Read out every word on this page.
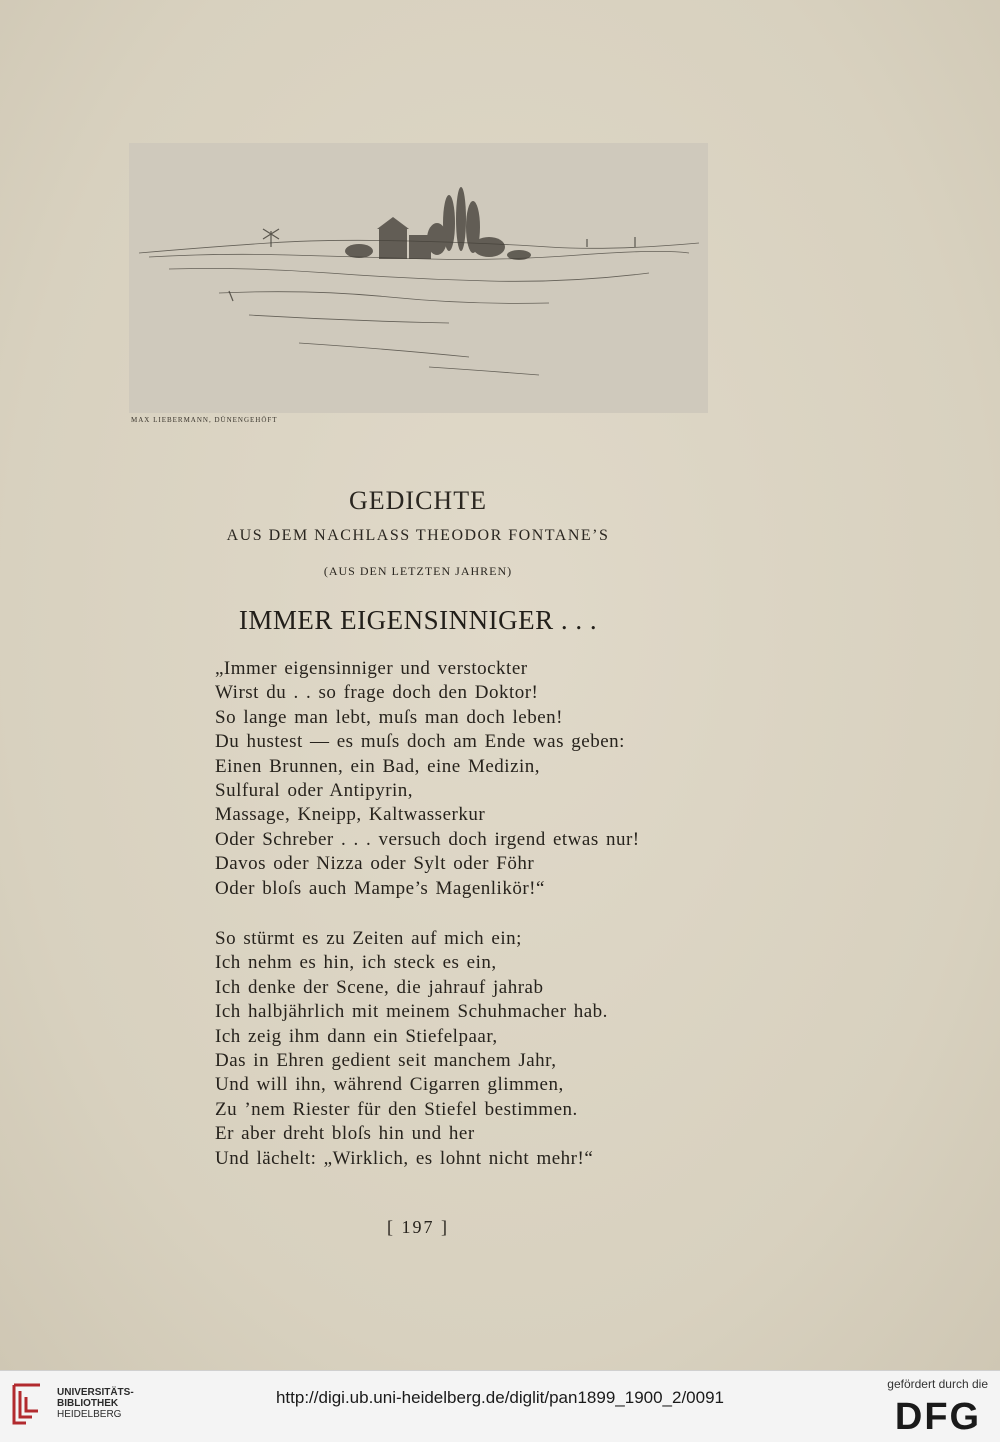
MAX LIEBERMANN, DÜNENGEHÖFT
GEDICHTE
AUS DEM NACHLASS THEODOR FONTANE’S
(AUS DEN LETZTEN JAHREN)
IMMER EIGENSINNIGER . . .
„Immer eigensinniger und verstockter
Wirst du . . so frage doch den Doktor!
So lange man lebt, muſs man doch leben!
Du hustest — es muſs doch am Ende was geben:
Einen Brunnen, ein Bad, eine Medizin,
Sulfural oder Antipyrin,
Massage, Kneipp, Kaltwasserkur
Oder Schreber . . . versuch doch irgend etwas nur!
Davos oder Nizza oder Sylt oder Föhr
Oder bloſs auch Mampe’s Magenlikör!“
So stürmt es zu Zeiten auf mich ein;
Ich nehm es hin, ich steck es ein,
Ich denke der Scene, die jahrauf jahrab
Ich halbjährlich mit meinem Schuhmacher hab.
Ich zeig ihm dann ein Stiefelpaar,
Das in Ehren gedient seit manchem Jahr,
Und will ihn, während Cigarren glimmen,
Zu ’nem Riester für den Stiefel bestimmen.
Er aber dreht bloſs hin und her
Und lächelt: „Wirklich, es lohnt nicht mehr!“
[ 197 ]
UNIVERSITÄTS-
BIBLIOTHEK
HEIDELBERG
http://digi.ub.uni-heidelberg.de/diglit/pan1899_1900_2/0091
gefördert durch die
DFG
